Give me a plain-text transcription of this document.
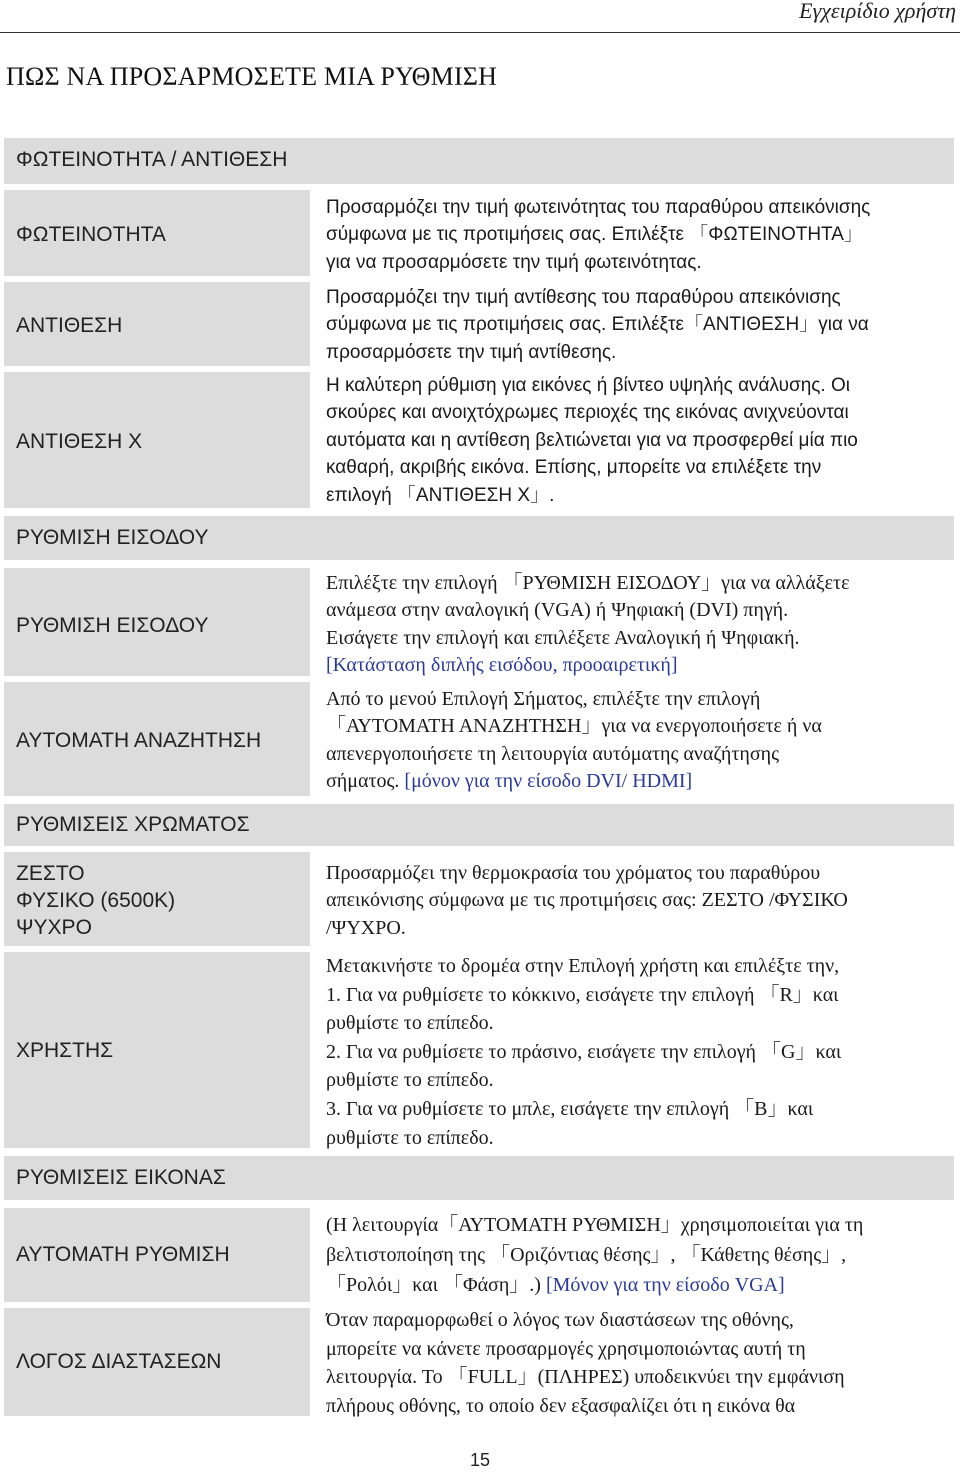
Εγχειρίδιο χρήστη
ΠΩΣ ΝΑ ΠΡΟΣΑΡΜΟΣΕΤΕ ΜΙΑ ΡΥΘΜΙΣΗ
ΦΩΤΕΙΝΟΤΗΤΑ / ΑΝΤΙΘΕΣΗ
ΦΩΤΕΙΝΟΤΗΤΑ
ΑΝΤΙΘΕΣΗ
ΑΝΤΙΘΕΣΗ Χ
Προσαρμόζει την τιμή φωτεινότητας του παραθύρου απεικόνισης
σύμφωνα με τις προτιμήσεις σας. Επιλέξτε 「ΦΩΤΕΙΝΟΤΗΤΑ」
για να προσαρμόσετε την τιμή φωτεινότητας.
Προσαρμόζει την τιμή αντίθεσης του παραθύρου απεικόνισης
σύμφωνα με τις προτιμήσεις σας. Επιλέξτε「ΑΝΤΙΘΕΣΗ」για να
προσαρμόσετε την τιμή αντίθεσης.
Η καλύτερη ρύθμιση για εικόνες ή βίντεο υψηλής ανάλυσης. Οι
σκούρες και ανοιχτόχρωμες περιοχές της εικόνας ανιχνεύονται
αυτόματα και η αντίθεση βελτιώνεται για να προσφερθεί μία πιο
καθαρή, ακριβής εικόνα. Επίσης, μπορείτε να επιλέξετε την
επιλογή 「ΑΝΤΙΘΕΣΗ Χ」.
ΡΥΘΜΙΣΗ ΕΙΣΟΔΟΥ
ΡΥΘΜΙΣΗ ΕΙΣΟΔΟΥ
ΑΥΤΟΜΑΤΗ ΑΝΑΖΗΤΗΣΗ
Επιλέξτε την επιλογή 「ΡΥΘΜΙΣΗ ΕΙΣΟΔΟΥ」για να αλλάξετε
ανάμεσα στην αναλογική (VGA) ή Ψηφιακή (DVI) πηγή.
Εισάγετε την επιλογή και επιλέξετε Αναλογική ή Ψηφιακή.
[Κατάσταση διπλής εισόδου, προοαιρετική]
Από το μενού Επιλογή Σήματος, επιλέξτε την επιλογή
「ΑΥΤΟΜΑΤΗ ΑΝΑΖΗΤΗΣΗ」για να ενεργοποιήσετε ή να
απενεργοποιήσετε τη λειτουργία αυτόματης αναζήτησης
σήματος. [μόνον για την είσοδο DVI/ HDMI]
ΡΥΘΜΙΣΕΙΣ ΧΡΩΜΑΤΟΣ
ΖΕΣΤΟ
ΦΥΣΙΚΟ (6500K)
ΨΥΧΡΟ
ΧΡΗΣΤΗΣ
Προσαρμόζει την θερμοκρασία του χρόματος του παραθύρου
απεικόνισης σύμφωνα με τις προτιμήσεις σας: ΖΕΣΤΟ /ΦΥΣΙΚΟ
/ΨΥΧΡΟ.
Μετακινήστε το δρομέα στην Επιλογή χρήστη και επιλέξτε την,
1. Για να ρυθμίσετε το κόκκινο, εισάγετε την επιλογή 「R」και
ρυθμίστε το επίπεδο.
2. Για να ρυθμίσετε το πράσινο, εισάγετε την επιλογή 「G」και
ρυθμίστε το επίπεδο.
3. Για να ρυθμίσετε το μπλε, εισάγετε την επιλογή 「B」και
ρυθμίστε το επίπεδο.
ΡΥΘΜΙΣΕΙΣ ΕΙΚΟΝΑΣ
ΑΥΤΟΜΑΤΗ ΡΥΘΜΙΣΗ
ΛΟΓΟΣ ΔΙΑΣΤΑΣΕΩΝ
(Η λειτουργία「ΑΥΤΟΜΑΤΗ ΡΥΘΜΙΣΗ」χρησιμοποιείται για τη
βελτιστοποίηση της 「Οριζόντιας θέσης」, 「Κάθετης θέσης」,
「Ρολόι」και 「Φάση」.) [Μόνον για την είσοδο VGA]
Όταν παραμορφωθεί ο λόγος των διαστάσεων της οθόνης,
μπορείτε να κάνετε προσαρμογές χρησιμοποιώντας αυτή τη
λειτουργία. Το 「FULL」(ΠΛΗΡΕΣ) υποδεικνύει την εμφάνιση
πλήρους οθόνης, το οποίο δεν εξασφαλίζει ότι η εικόνα θα
15
